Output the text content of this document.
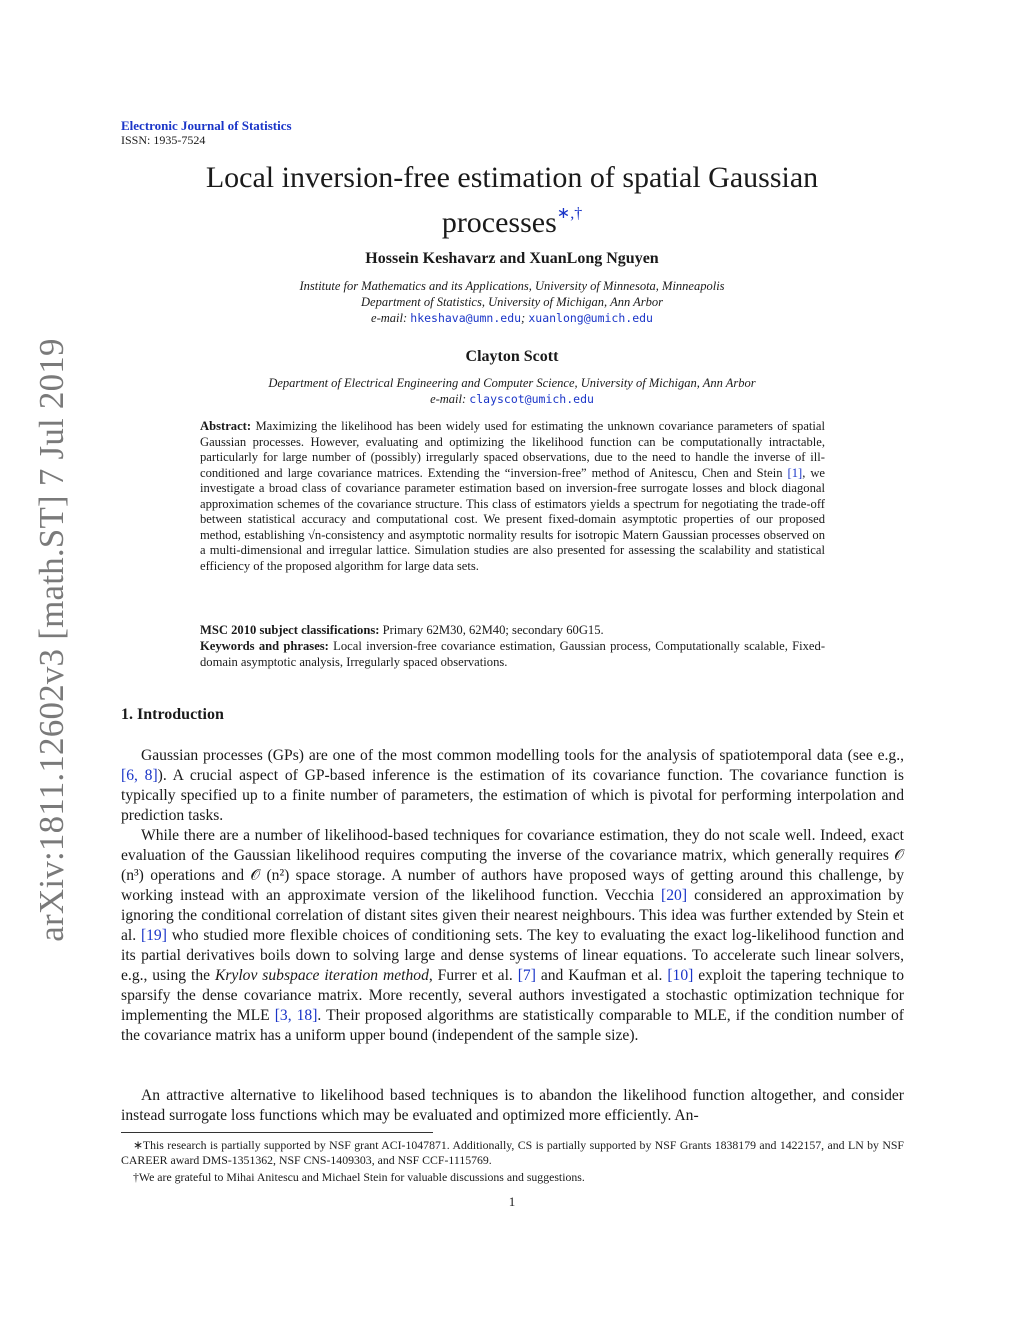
arXiv:1811.12602v3 [math.ST] 7 Jul 2019
Electronic Journal of Statistics
ISSN: 1935-7524
Local inversion-free estimation of spatial Gaussian
processes∗,†
Hossein Keshavarz and XuanLong Nguyen
Institute for Mathematics and its Applications, University of Minnesota, Minneapolis
Department of Statistics, University of Michigan, Ann Arbor
e-mail: hkeshava@umn.edu; xuanlong@umich.edu
Clayton Scott
Department of Electrical Engineering and Computer Science, University of Michigan, Ann Arbor
e-mail: clayscot@umich.edu
Abstract: Maximizing the likelihood has been widely used for estimating the unknown covariance parameters of spatial Gaussian processes. However, evaluating and optimizing the likelihood function can be computationally intractable, particularly for large number of (possibly) irregularly spaced observations, due to the need to handle the inverse of ill-conditioned and large covariance matrices. Extending the “inversion-free” method of Anitescu, Chen and Stein [1], we investigate a broad class of covariance parameter estimation based on inversion-free surrogate losses and block diagonal approximation schemes of the covariance structure. This class of estimators yields a spectrum for negotiating the trade-off between statistical accuracy and computational cost. We present fixed-domain asymptotic properties of our proposed method, establishing √n-consistency and asymptotic normality results for isotropic Matern Gaussian processes observed on a multi-dimensional and irregular lattice. Simulation studies are also presented for assessing the scalability and statistical efficiency of the proposed algorithm for large data sets.
MSC 2010 subject classifications: Primary 62M30, 62M40; secondary 60G15.
Keywords and phrases: Local inversion-free covariance estimation, Gaussian process, Computationally scalable, Fixed-domain asymptotic analysis, Irregularly spaced observations.
1. Introduction
Gaussian processes (GPs) are one of the most common modelling tools for the analysis of spatiotemporal data (see e.g., [6, 8]). A crucial aspect of GP-based inference is the estimation of its covariance function. The covariance function is typically specified up to a finite number of parameters, the estimation of which is pivotal for performing interpolation and prediction tasks.
While there are a number of likelihood-based techniques for covariance estimation, they do not scale well. Indeed, exact evaluation of the Gaussian likelihood requires computing the inverse of the covariance matrix, which generally requires 𝒪 (n³) operations and 𝒪 (n²) space storage. A number of authors have proposed ways of getting around this challenge, by working instead with an approximate version of the likelihood function. Vecchia [20] considered an approximation by ignoring the conditional correlation of distant sites given their nearest neighbours. This idea was further extended by Stein et al. [19] who studied more flexible choices of conditioning sets. The key to evaluating the exact log-likelihood function and its partial derivatives boils down to solving large and dense systems of linear equations. To accelerate such linear solvers, e.g., using the Krylov subspace iteration method, Furrer et al. [7] and Kaufman et al. [10] exploit the tapering technique to sparsify the dense covariance matrix. More recently, several authors investigated a stochastic optimization technique for implementing the MLE [3, 18]. Their proposed algorithms are statistically comparable to MLE, if the condition number of the covariance matrix has a uniform upper bound (independent of the sample size).
An attractive alternative to likelihood based techniques is to abandon the likelihood function altogether, and consider instead surrogate loss functions which may be evaluated and optimized more efficiently. An-
∗This research is partially supported by NSF grant ACI-1047871. Additionally, CS is partially supported by NSF Grants 1838179 and 1422157, and LN by NSF CAREER award DMS-1351362, NSF CNS-1409303, and NSF CCF-1115769.
†We are grateful to Mihai Anitescu and Michael Stein for valuable discussions and suggestions.
1
